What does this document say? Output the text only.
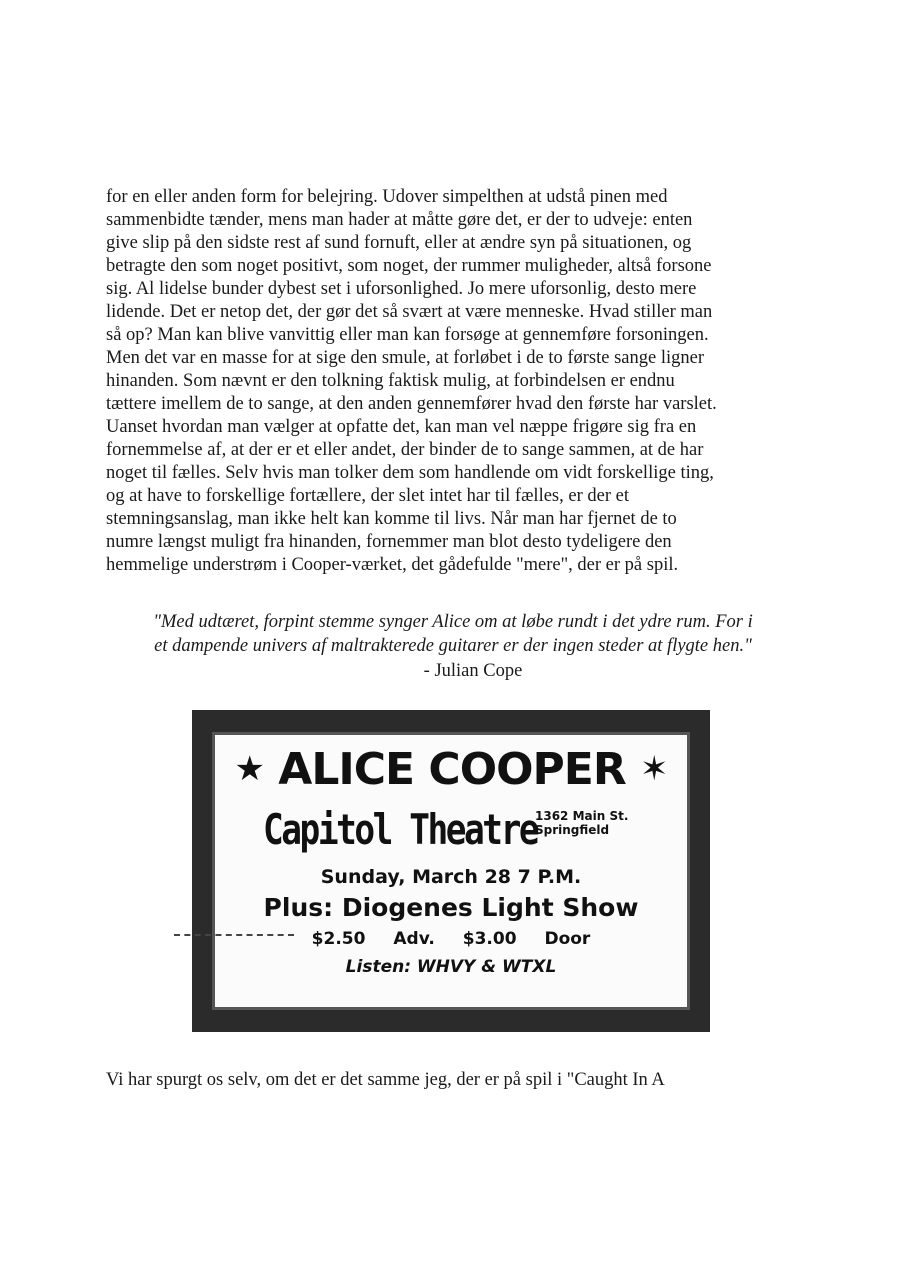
for en eller anden form for belejring. Udover simpelthen at udstå pinen med
sammenbidte tænder, mens man hader at måtte gøre det, er der to udveje: enten
give slip på den sidste rest af sund fornuft, eller at ændre syn på situationen, og
betragte den som noget positivt, som noget, der rummer muligheder, altså forsone
sig. Al lidelse bunder dybest set i uforsonlighed. Jo mere uforsonlig, desto mere
lidende. Det er netop det, der gør det så svært at være menneske. Hvad stiller man
så op? Man kan blive vanvittig eller man kan forsøge at gennemføre forsoningen.
Men det var en masse for at sige den smule, at forløbet i de to første sange ligner
hinanden. Som nævnt er den tolkning faktisk mulig, at forbindelsen er endnu
tættere imellem de to sange, at den anden gennemfører hvad den første har varslet.
Uanset hvordan man vælger at opfatte det, kan man vel næppe frigøre sig fra en
fornemmelse af, at der er et eller andet, der binder de to sange sammen, at de har
noget til fælles. Selv hvis man tolker dem som handlende om vidt forskellige ting,
og at have to forskellige fortællere, der slet intet har til fælles, er der et
stemningsanslag, man ikke helt kan komme til livs. Når man har fjernet de to
numre længst muligt fra hinanden, fornemmer man blot desto tydeligere den
hemmelige understrøm i Cooper-værket, det gådefulde "mere", der er på spil.
"Med udtæret, forpint stemme synger Alice om at løbe rundt i det ydre rum. For i
et dampende univers af maltrakterede guitarer er der ingen steder at flygte hen."
- Julian Cope
★ ALICE COOPER ✶
Capitol Theatre
1362 Main St.
Springfield
Sunday, March 28 7 P.M.
Plus: Diogenes Light Show
$2.50 Adv. $3.00 Door
Listen: WHVY & WTXL
Vi har spurgt os selv, om det er det samme jeg, der er på spil i "Caught In A
